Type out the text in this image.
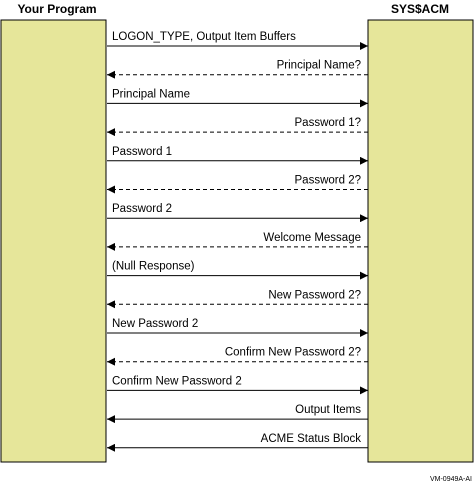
Your Program	SYS$ACM
LOGON_TYPE, Output Item Buffers
Principal Name?
Principal Name
Password 1?
Password 1
Password 2?
Password 2
Welcome Message
(Null Response)
New Password 2?
New Password 2
Confirm New Password 2?
Confirm New Password 2
Output Items
ACME Status Block
VM-0949A-AI
